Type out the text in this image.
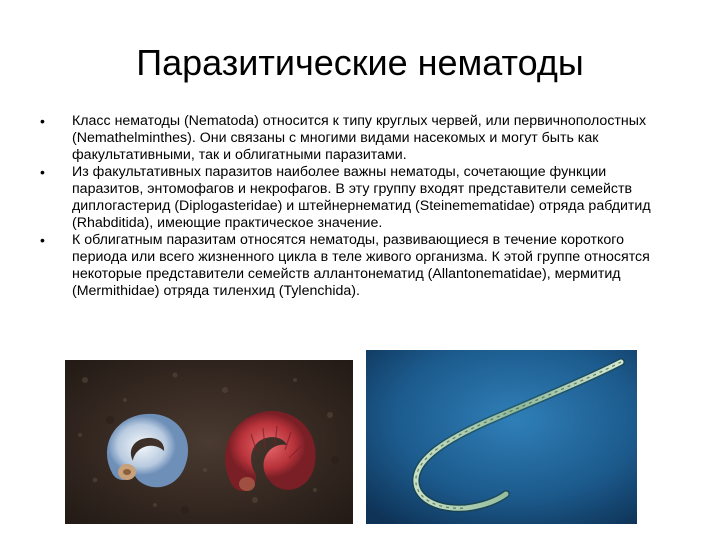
Паразитические нематоды
• Класс нематоды (Nematoda) относится к типу круглых червей, или первичнополостных (Nemathelminthes). Они связаны с многими видами насекомых и могут быть как факультативными, так и облигатными паразитами.
• Из факультативных паразитов наиболее важны нематоды, сочетающие функции паразитов, энтомофагов и некрофагов. В эту группу входят представители семейств диплогастерид (Diplogasteridae) и штейнернематид (Steinememаtidae) отряда рабдитид (Rhabditida), имеющие практическое значение.
• К облигатным паразитам относятся нематоды, развивающиеся в течение короткого периода или всего жизненного цикла в теле живого организма. К этой группе относятся некоторые представители семейств аллантонематид (Allantonematidae), мермитид (Mermithidae) отряда тиленхид (Tylenchida).
